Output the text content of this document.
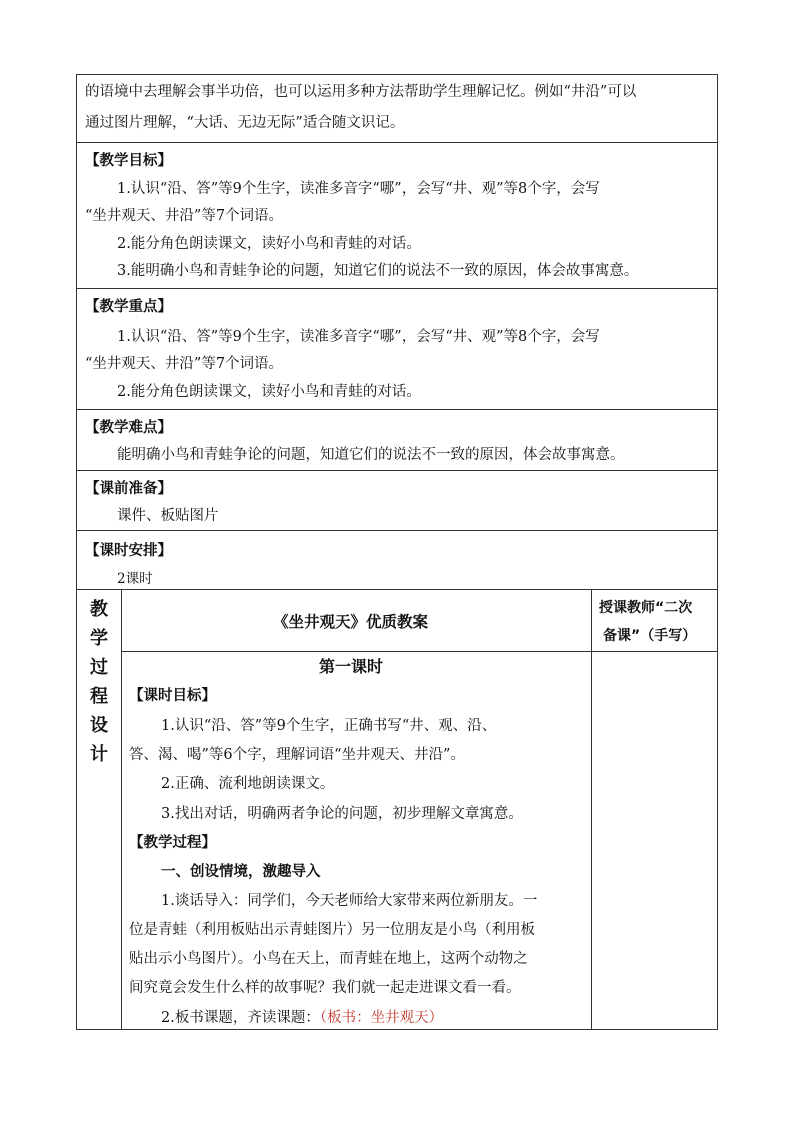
的语境中去理解会事半功倍，也可以运用多种方法帮助学生理解记忆。例如“井沿”可以
通过图片理解，“大话、无边无际”适合随文识记。
【教学目标】
1.认识“沿、答”等9个生字，读准多音字“哪”，会写“井、观”等8个字，会写
“坐井观天、井沿”等7个词语。
2.能分角色朗读课文，读好小鸟和青蛙的对话。
3.能明确小鸟和青蛙争论的问题，知道它们的说法不一致的原因，体会故事寓意。
【教学重点】
1.认识“沿、答”等9个生字，读准多音字“哪”，会写“井、观”等8个字，会写
“坐井观天、井沿”等7个词语。
2.能分角色朗读课文，读好小鸟和青蛙的对话。
【教学难点】
能明确小鸟和青蛙争论的问题，知道它们的说法不一致的原因，体会故事寓意。
【课前准备】
课件、板贴图片
【课时安排】
2课时
教
学
过
程
设
计
《坐井观天》优质教案
授课教师“二次
备课”（手写）
第一课时
【课时目标】
1.认识“沿、答”等9个生字，正确书写“井、观、沿、
答、渴、喝”等6个字，理解词语“坐井观天、井沿”。
2.正确、流利地朗读课文。
3.找出对话，明确两者争论的问题，初步理解文章寓意。
【教学过程】
一、创设情境，激趣导入
1.谈话导入：同学们，今天老师给大家带来两位新朋友。一
位是青蛙（利用板贴出示青蛙图片）另一位朋友是小鸟（利用板
贴出示小鸟图片）。小鸟在天上，而青蛙在地上，这两个动物之
间究竟会发生什么样的故事呢？我们就一起走进课文看一看。
2.板书课题，齐读课题：（板书：坐井观天）
